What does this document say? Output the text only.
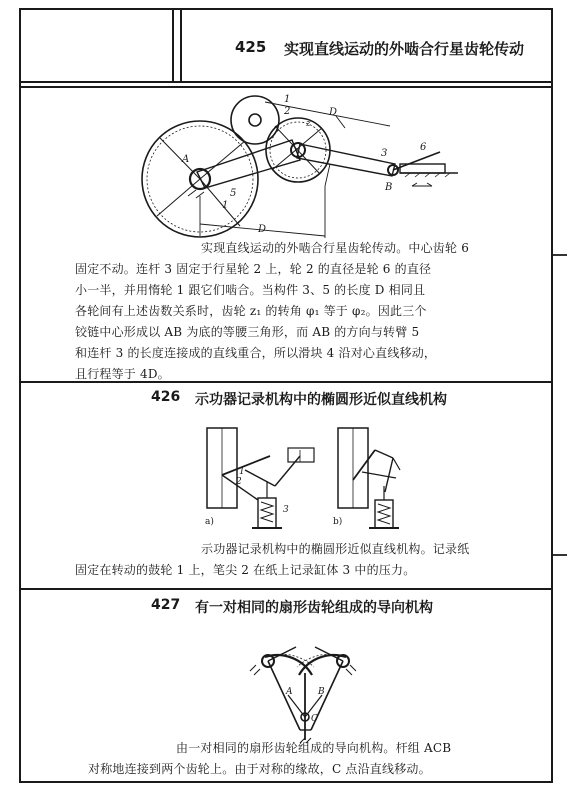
425 实现直线运动的外啮合行星齿轮传动
A
B
D
D
1
2
3
6
5
1
z

实现直线运动的外啮合行星齿轮传动。中心齿轮 6

固定不动。连杆 3 固定于行星轮 2 上，轮 2 的直径是轮 6 的直径

小一半，并用惰轮 1 跟它们啮合。当构件 3、5 的长度 D 相同且

各轮间有上述齿数关系时，齿轮 z₁ 的转角 φ₁ 等于 φ₂。因此三个

铰链中心形成以 AB 为底的等腰三角形，而 AB 的方向与转臂 5

和连杆 3 的长度连接成的直线重合，所以滑块 4 沿对心直线移动，

且行程等于 4D。

426 示功器记录机构中的椭圆形近似直线机构
a)	b)
1
2
3

示功器记录机构中的椭圆形近似直线机构。记录纸

固定在转动的鼓轮 1 上，笔尖 2 在纸上记录缸体 3 中的压力。

427 有一对相同的扇形齿轮组成的导向机构
A	B
C

由一对相同的扇形齿轮组成的导向机构。杆组 ACB

对称地连接到两个齿轮上。由于对称的缘故，C 点沿直线移动。
